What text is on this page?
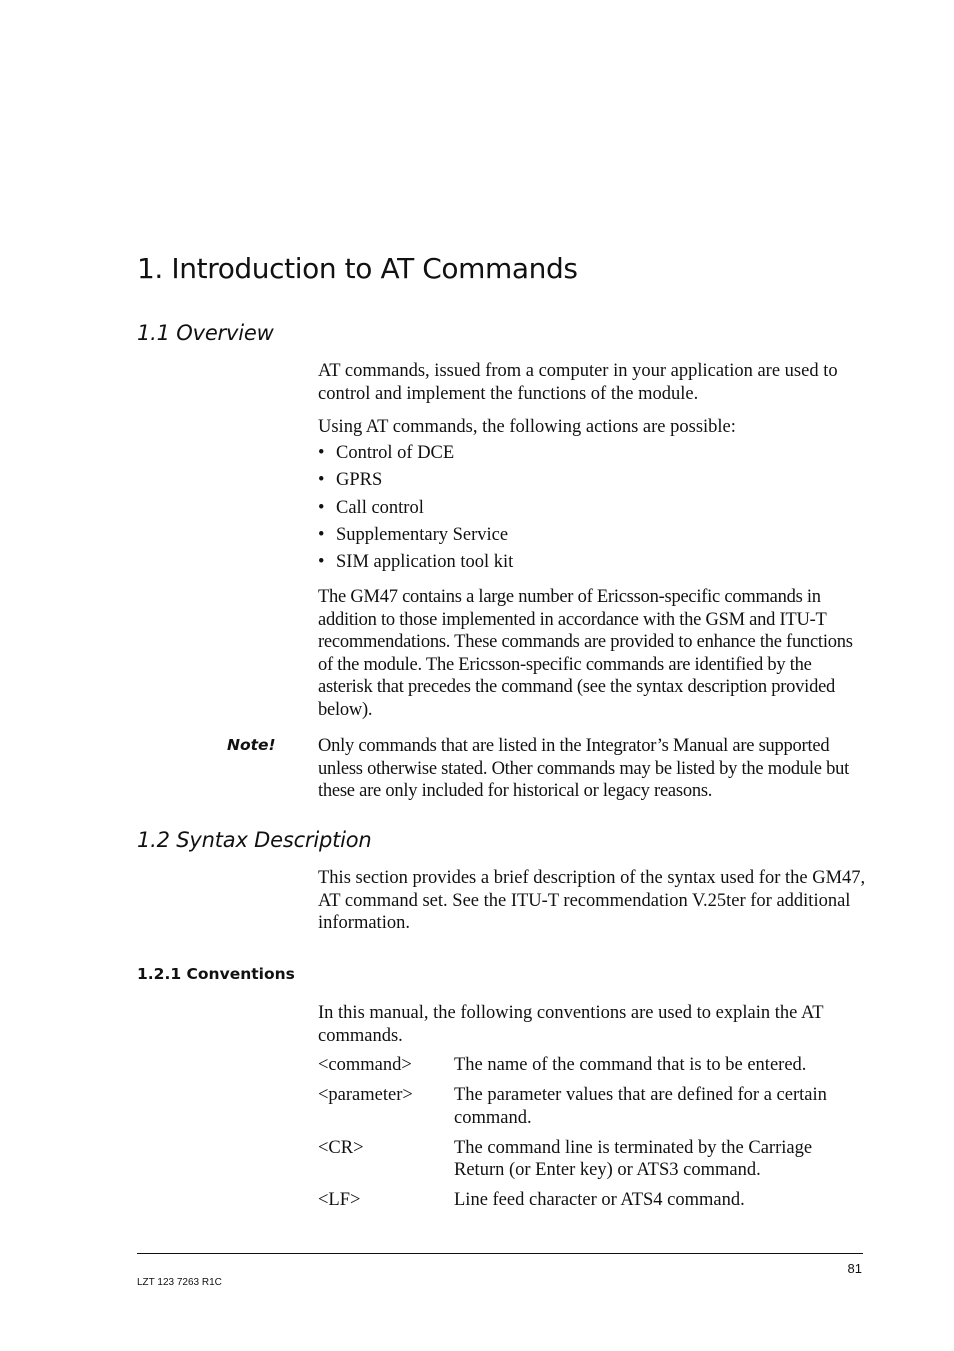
1. Introduction to AT Commands
1.1 Overview

AT commands, issued from a computer in your application are used to control and implement the functions of the module.

Using AT commands, the following actions are possible:

• Control of DCE
• GPRS
• Call control
• Supplementary Service
• SIM application tool kit

The GM47 contains a large number of Ericsson-specific commands in addition to those implemented in accordance with the GSM and ITU-T recommendations. These commands are provided to enhance the functions of the module. The Ericsson-specific commands are identified by the asterisk that precedes the command (see the syntax description provided below).

Note! Only commands that are listed in the Integrator’s Manual are supported unless otherwise stated. Other commands may be listed by the module but these are only included for historical or legacy reasons.

1.2 Syntax Description

This section provides a brief description of the syntax used for the GM47, AT command set. See the ITU-T recommendation V.25ter for additional information.

1.2.1 Conventions

In this manual, the following conventions are used to explain the AT commands.

<command>	The name of the command that is to be entered.
<parameter>	The parameter values that are defined for a certain command.
<CR>	The command line is terminated by the Carriage Return (or Enter key) or ATS3 command.
<LF>	Line feed character or ATS4 command.
81
LZT 123 7263 R1C
